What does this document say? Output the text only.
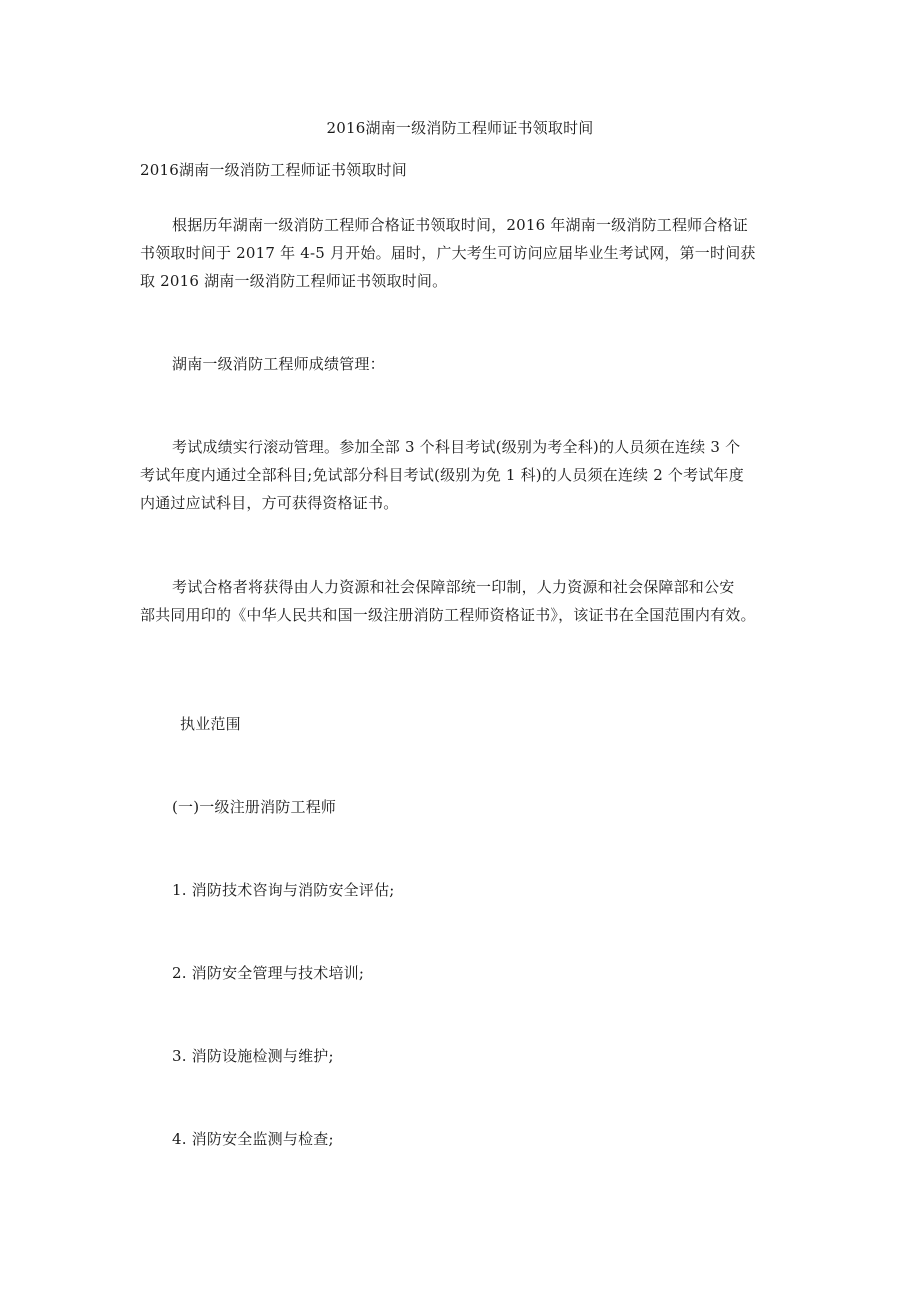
2016湖南一级消防工程师证书领取时间
2016湖南一级消防工程师证书领取时间
根据历年湖南一级消防工程师合格证书领取时间，2016 年湖南一级消防工程师合格证
书领取时间于 2017 年 4-5 月开始。届时，广大考生可访问应届毕业生考试网，第一时间获
取 2016 湖南一级消防工程师证书领取时间。
湖南一级消防工程师成绩管理：
考试成绩实行滚动管理。参加全部 3 个科目考试(级别为考全科)的人员须在连续 3 个
考试年度内通过全部科目;免试部分科目考试(级别为免 1 科)的人员须在连续 2 个考试年度
内通过应试科目，方可获得资格证书。
考试合格者将获得由人力资源和社会保障部统一印制，人力资源和社会保障部和公安
部共同用印的《中华人民共和国一级注册消防工程师资格证书》，该证书在全国范围内有效。
执业范围
(一)一级注册消防工程师
1. 消防技术咨询与消防安全评估;
2. 消防安全管理与技术培训;
3. 消防设施检测与维护;
4. 消防安全监测与检查;
